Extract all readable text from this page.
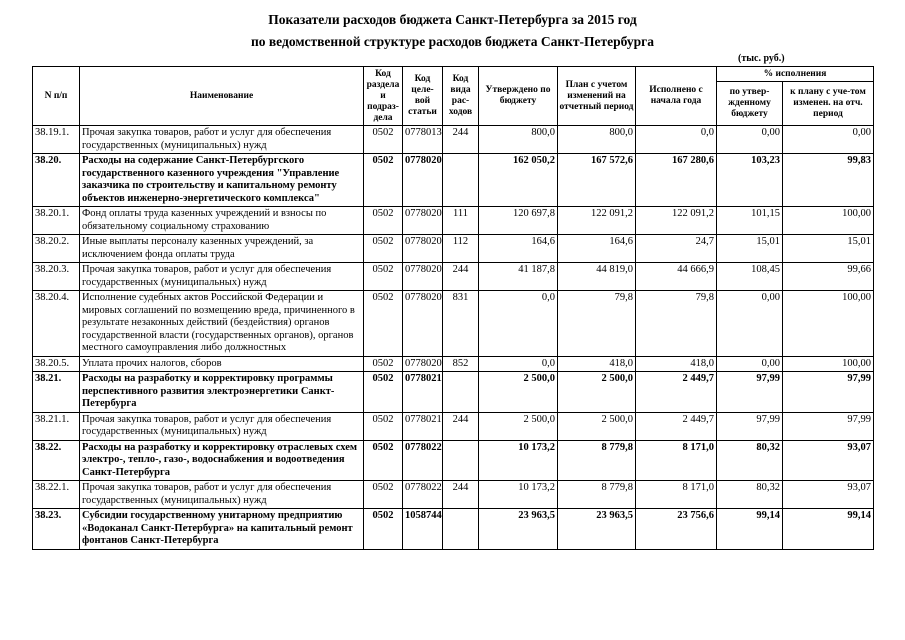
Показатели расходов бюджета Санкт-Петербурга за 2015 год
по ведомственной структуре расходов бюджета Санкт-Петербурга
(тыс. руб.)
N п/п	Наименование	Код раздела и подраз-дела	Код целе-вой статьи	Код вида рас-ходов	Утверждено по бюджету	План с учетом изменений на отчетный период	Исполнено с начала года	% исполнения	
								по утвер-жденному бюджету	к плану с уче-том изменен. на отч. период
38.19.1.	Прочая закупка товаров, работ и услуг для обеспечения государственных (муниципальных) нужд	0502	0778013	244	800,0	800,0	0,0	0,00	0,00
38.20.	Расходы на содержание Санкт-Петербургского государственного казенного учреждения "Управление заказчика по строительству и капитальному ремонту объектов инженерно-энергетического комплекса"	0502	0778020		162 050,2	167 572,6	167 280,6	103,23	99,83
38.20.1.	Фонд оплаты труда казенных учреждений и взносы по обязательному социальному страхованию	0502	0778020	111	120 697,8	122 091,2	122 091,2	101,15	100,00
38.20.2.	Иные выплаты персоналу казенных учреждений, за исключением фонда оплаты труда	0502	0778020	112	164,6	164,6	24,7	15,01	15,01
38.20.3.	Прочая закупка товаров, работ и услуг для обеспечения государственных (муниципальных) нужд	0502	0778020	244	41 187,8	44 819,0	44 666,9	108,45	99,66
38.20.4.	Исполнение судебных актов Российской Федерации и мировых соглашений по возмещению вреда, причиненного в результате незаконных действий (бездействия) органов государственной власти (государственных органов), органов местного самоуправления либо должностных	0502	0778020	831	0,0	79,8	79,8	0,00	100,00
38.20.5.	Уплата прочих налогов, сборов	0502	0778020	852	0,0	418,0	418,0	0,00	100,00
38.21.	Расходы на разработку и корректировку программы перспективного развития электроэнергетики Санкт-Петербурга	0502	0778021		2 500,0	2 500,0	2 449,7	97,99	97,99
38.21.1.	Прочая закупка товаров, работ и услуг для обеспечения государственных (муниципальных) нужд	0502	0778021	244	2 500,0	2 500,0	2 449,7	97,99	97,99
38.22.	Расходы на разработку и корректировку отраслевых схем электро-, тепло-, газо-, водоснабжения и водоотведения Санкт-Петербурга	0502	0778022		10 173,2	8 779,8	8 171,0	80,32	93,07
38.22.1.	Прочая закупка товаров, работ и услуг для обеспечения государственных (муниципальных) нужд	0502	0778022	244	10 173,2	8 779,8	8 171,0	80,32	93,07
38.23.	Субсидии государственному унитарному предприятию «Водоканал Санкт-Петербурга» на капитальный ремонт фонтанов Санкт-Петербурга	0502	1058744		23 963,5	23 963,5	23 756,6	99,14	99,14
